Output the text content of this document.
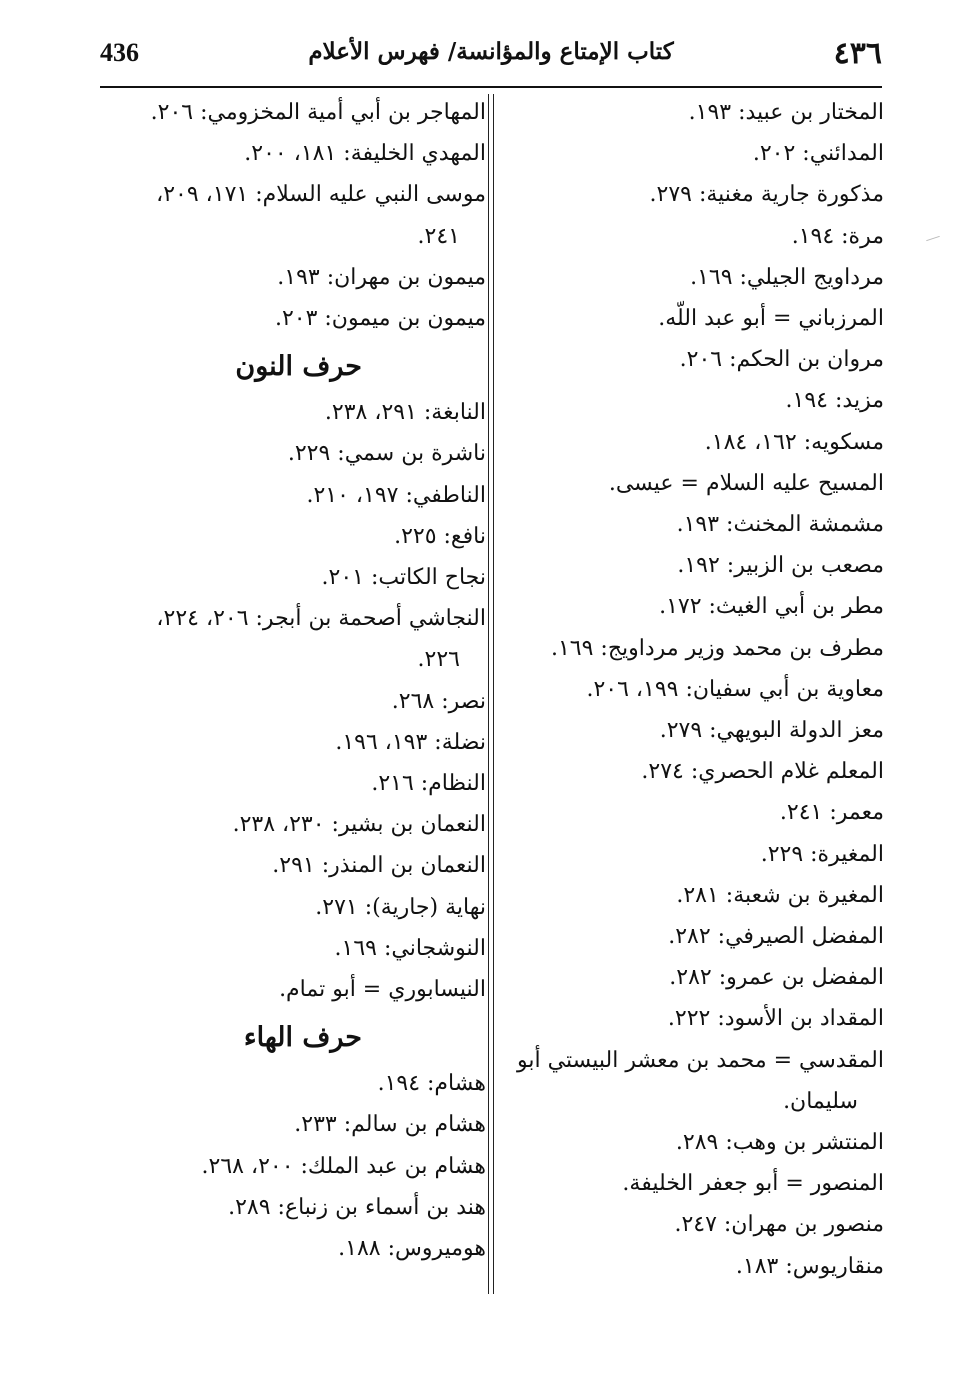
٤٣٦
كتاب الإمتاع والمؤانسة/ فهرس الأعلام
436
المختار بن عبيد: ١٩٣.
المدائني: ٢٠٢.
مذكورة جارية مغنية: ٢٧٩.
مرة: ١٩٤.
مرداويج الجيلي: ١٦٩.
المرزباني = أبو عبد اللّه.
مروان بن الحكم: ٢٠٦.
مزيد: ١٩٤.
مسكويه: ١٦٢، ١٨٤.
المسيح عليه السلام = عيسى.
مشمشة المخنث: ١٩٣.
مصعب بن الزبير: ١٩٢.
مطر بن أبي الغيث: ١٧٢.
مطرف بن محمد وزير مرداويج: ١٦٩.
معاوية بن أبي سفيان: ١٩٩، ٢٠٦.
معز الدولة البويهي: ٢٧٩.
المعلم غلام الحصري: ٢٧٤.
معمر: ٢٤١.
المغيرة: ٢٢٩.
المغيرة بن شعبة: ٢٨١.
المفضل الصيرفي: ٢٨٢.
المفضل بن عمرو: ٢٨٢.
المقداد بن الأسود: ٢٢٢.
المقدسي = محمد بن معشر البيستي أبو
سليمان.
المنتشر بن وهب: ٢٨٩.
المنصور = أبو جعفر الخليفة.
منصور بن مهران: ٢٤٧.
منقاريوس: ١٨٣.
المهاجر بن أبي أمية المخزومي: ٢٠٦.
المهدي الخليفة: ١٨١، ٢٠٠.
موسى النبي عليه السلام: ١٧١، ٢٠٩،
٢٤١.
ميمون بن مهران: ١٩٣.
ميمون بن ميمون: ٢٠٣.
حرف النون
النابغة: ٢٩١، ٢٣٨.
ناشرة بن سمي: ٢٢٩.
الناطفي: ١٩٧، ٢١٠.
نافع: ٢٢٥.
نجاح الكاتب: ٢٠١.
النجاشي أصحمة بن أبجر: ٢٠٦، ٢٢٤،
٢٢٦.
نصر: ٢٦٨.
نضلة: ١٩٣، ١٩٦.
النظام: ٢١٦.
النعمان بن بشير: ٢٣٠، ٢٣٨.
النعمان بن المنذر: ٢٩١.
نهاية (جارية): ٢٧١.
النوشجاني: ١٦٩.
النيسابوري = أبو تمام.
حرف الهاء
هشام: ١٩٤.
هشام بن سالم: ٢٣٣.
هشام بن عبد الملك: ٢٠٠، ٢٦٨.
هند بن أسماء بن زنباع: ٢٨٩.
هوميروس: ١٨٨.
